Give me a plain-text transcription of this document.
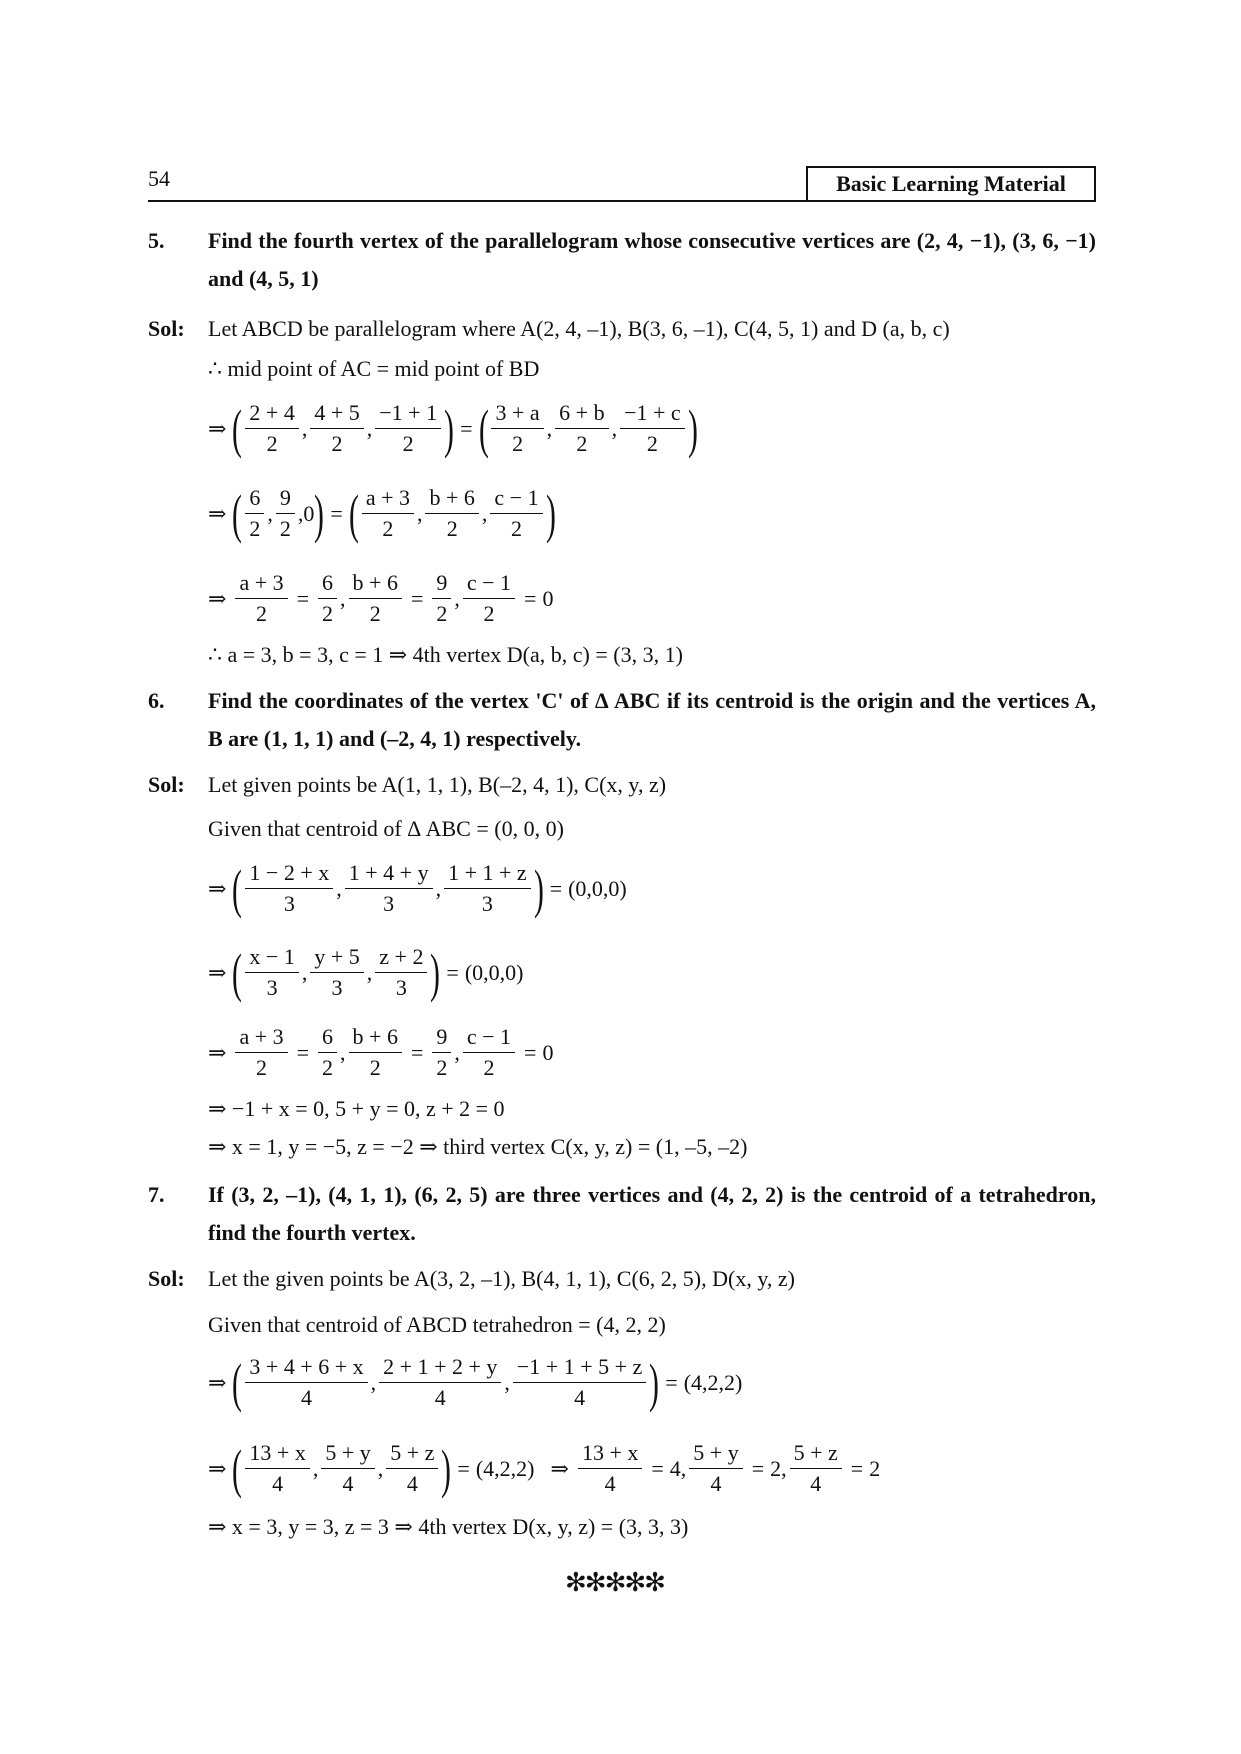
54	Basic Learning Material
5. Find the fourth vertex of the parallelogram whose consecutive vertices are (2, 4, −1), (3, 6, −1) and (4, 5, 1)
Sol: Let ABCD be parallelogram where A(2, 4, –1), B(3, 6, –1), C(4, 5, 1) and D (a, b, c)
∴ mid point of AC = mid point of BD
⇒ ( $\frac{2 + 4}{2}$ , $\frac{4 + 5}{2}$ , $\frac{-1 + 1}{2}$ ) = ( $\frac{3 + a}{2}$ , $\frac{6 + b}{2}$ , $\frac{-1 + c}{2}$ )
⇒ ( $\frac{6}{2}$ , $\frac{9}{2}$ , 0 ) = ( $\frac{a + 3}{2}$ , $\frac{b + 6}{2}$ , $\frac{c - 1}{2}$ )
⇒ $\frac{a + 3}{2} = \frac{6}{2}$ , $\frac{b + 6}{2} = \frac{9}{2}$ , $\frac{c - 1}{2} = 0$
∴ a = 3, b = 3, c = 1 ⇒ 4th vertex D(a, b, c) = (3, 3, 1)
6. Find the coordinates of the vertex 'C' of Δ ABC if its centroid is the origin and the vertices A, B are (1, 1, 1) and (–2, 4, 1) respectively.
Sol: Let given points be A(1, 1, 1), B(–2, 4, 1), C(x, y, z)
Given that centroid of Δ ABC = (0, 0, 0)
⇒ ( $\frac{1 - 2 + x}{3}$ , $\frac{1 + 4 + y}{3}$ , $\frac{1 + 1 + z}{3}$ ) = (0,0,0)
⇒ ( $\frac{x - 1}{3}$ , $\frac{y + 5}{3}$ , $\frac{z + 2}{3}$ ) = (0,0,0)
⇒ $\frac{a + 3}{2} = \frac{6}{2}$ , $\frac{b + 6}{2} = \frac{9}{2}$ , $\frac{c - 1}{2} = 0$
⇒ −1 + x = 0, 5 + y = 0, z + 2 = 0
⇒ x = 1, y = −5, z = −2 ⇒ third vertex C(x, y, z) = (1, –5, –2)
7. If (3, 2, –1), (4, 1, 1), (6, 2, 5) are three vertices and (4, 2, 2) is the centroid of a tetrahedron, find the fourth vertex.
Sol: Let the given points be A(3, 2, –1), B(4, 1, 1), C(6, 2, 5), D(x, y, z)
Given that centroid of ABCD tetrahedron = (4, 2, 2)
⇒ ( $\frac{3 + 4 + 6 + x}{4}$ , $\frac{2 + 1 + 2 + y}{4}$ , $\frac{-1 + 1 + 5 + z}{4}$ ) = (4,2,2)
⇒ ( $\frac{13 + x}{4}$ , $\frac{5 + y}{4}$ , $\frac{5 + z}{4}$ ) = (4,2,2) ⇒ $\frac{13 + x}{4} = 4$ , $\frac{5 + y}{4} = 2$ , $\frac{5 + z}{4} = 2$
⇒ x = 3, y = 3, z = 3 ⇒ 4th vertex D(x, y, z) = (3, 3, 3)
✻✻✻✻✻
